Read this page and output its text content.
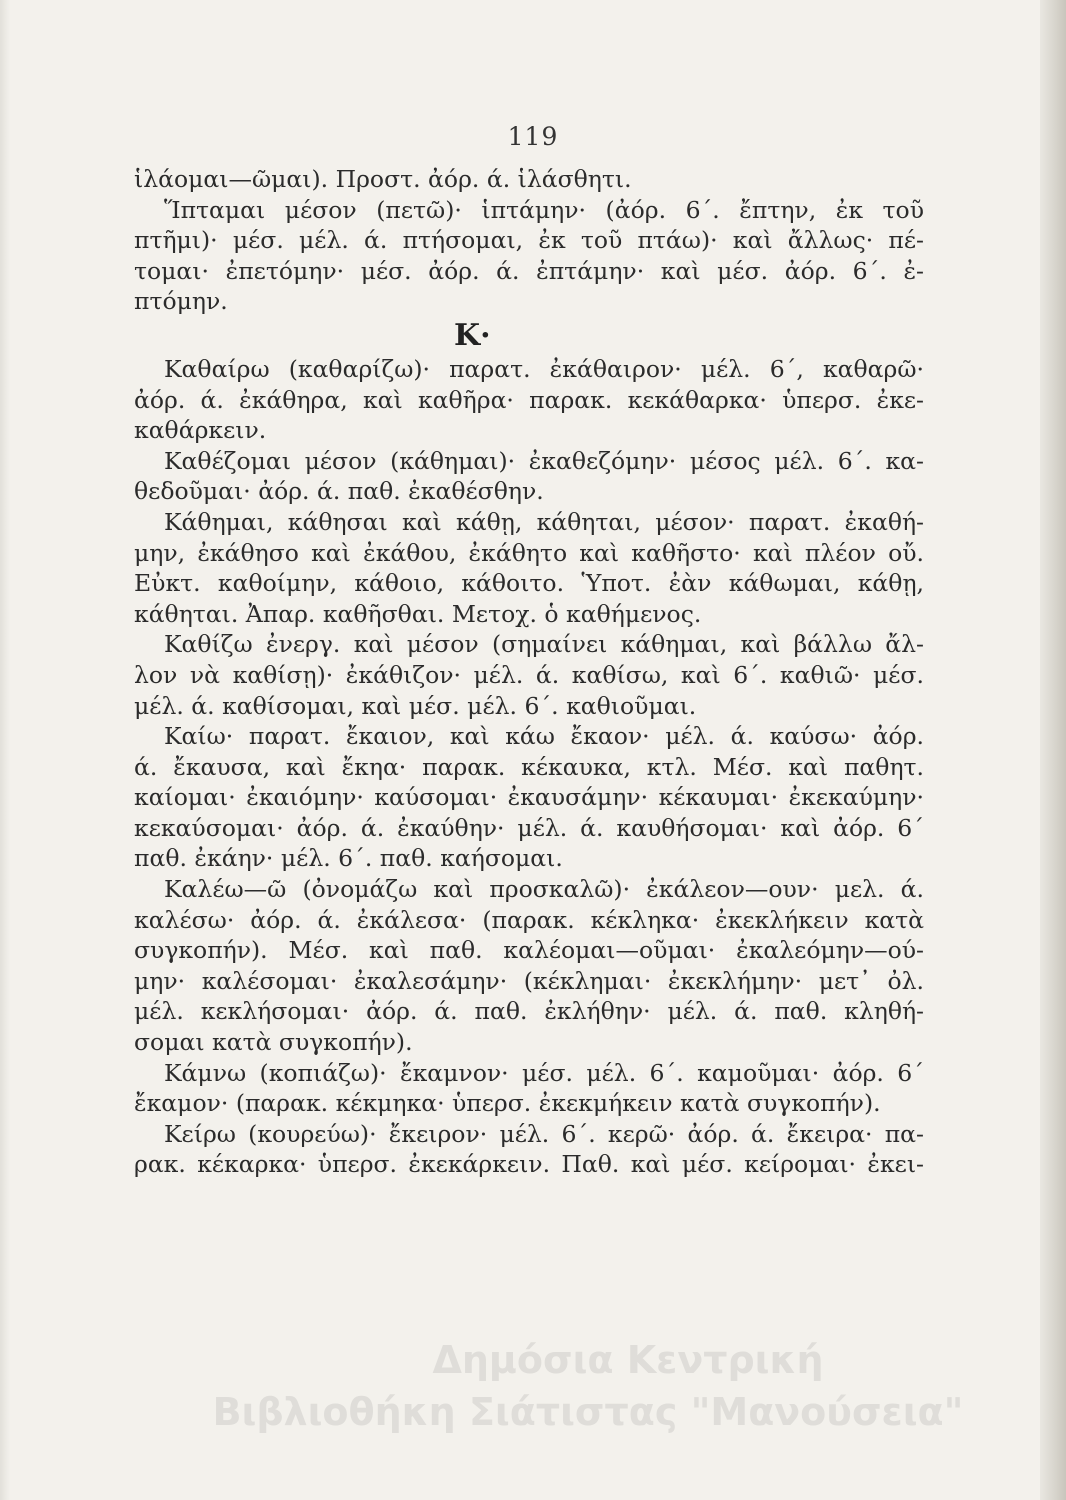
119
ἱλάομαι—ῶμαι). Προστ. ἀόρ. ά. ἱλάσθητι.
Ἵπταμαι μέσον (πετῶ)· ἱπτάμην· (ἀόρ. 6΄. ἔπτην, ἐκ τοῦ
πτῆμι)· μέσ. μέλ. ά. πτήσομαι, ἐκ τοῦ πτάω)· καὶ ἄλλως· πέ-
τομαι· ἐπετόμην· μέσ. ἀόρ. ά. ἐπτάμην· καὶ μέσ. ἀόρ. 6΄. ἐ-
πτόμην.
Κ·
Καθαίρω (καθαρίζω)· παρατ. ἐκάθαιρον· μέλ. 6΄, καθαρῶ·
ἀόρ. ά. ἐκάθηρα, καὶ καθῆρα· παρακ. κεκάθαρκα· ὑπερσ. ἐκε-
καθάρκειν.
Καθέζομαι μέσον (κάθημαι)· ἐκαθεζόμην· μέσος μέλ. 6΄. κα-
θεδοῦμαι· ἀόρ. ά. παθ. ἐκαθέσθην.
Κάθημαι, κάθησαι καὶ κάθῃ, κάθηται, μέσον· παρατ. ἐκαθή-
μην, ἐκάθησο καὶ ἐκάθου, ἐκάθητο καὶ καθῆστο· καὶ πλέον οὔ.
Εὐκτ. καθοίμην, κάθοιο, κάθοιτο. Ὑποτ. ἐὰν κάθωμαι, κάθῃ,
κάθηται. Ἀπαρ. καθῆσθαι. Μετοχ. ὁ καθήμενος.
Καθίζω ἐνεργ. καὶ μέσον (σημαίνει κάθημαι, καὶ βάλλω ἄλ-
λον νὰ καθίσῃ)· ἐκάθιζον· μέλ. ά. καθίσω, καὶ 6΄. καθιῶ· μέσ.
μέλ. ά. καθίσομαι, καὶ μέσ. μέλ. 6΄. καθιοῦμαι.
Καίω· παρατ. ἔκαιον, καὶ κάω ἔκαον· μέλ. ά. καύσω· ἀόρ.
ά. ἔκαυσα, καὶ ἔκηα· παρακ. κέκαυκα, κτλ. Μέσ. καὶ παθητ.
καίομαι· ἐκαιόμην· καύσομαι· ἐκαυσάμην· κέκαυμαι· ἐκεκαύμην·
κεκαύσομαι· ἀόρ. ά. ἐκαύθην· μέλ. ά. καυθήσομαι· καὶ ἀόρ. 6΄
παθ. ἐκάην· μέλ. 6΄. παθ. καήσομαι.
Καλέω—ῶ (ὀνομάζω καὶ προσκαλῶ)· ἐκάλεον—ουν· μελ. ά.
καλέσω· ἀόρ. ά. ἐκάλεσα· (παρακ. κέκληκα· ἐκεκλήκειν κατὰ
συγκοπήν). Μέσ. καὶ παθ. καλέομαι—οῦμαι· ἐκαλεόμην—ού-
μην· καλέσομαι· ἐκαλεσάμην· (κέκλημαι· ἐκεκλήμην· μετ᾽ ὀλ.
μέλ. κεκλήσομαι· ἀόρ. ά. παθ. ἐκλήθην· μέλ. ά. παθ. κληθή-
σομαι κατὰ συγκοπήν).
Κάμνω (κοπιάζω)· ἔκαμνον· μέσ. μέλ. 6΄. καμοῦμαι· ἀόρ. 6΄
ἔκαμον· (παρακ. κέκμηκα· ὑπερσ. ἐκεκμήκειν κατὰ συγκοπήν).
Κείρω (κουρεύω)· ἔκειρον· μέλ. 6΄. κερῶ· ἀόρ. ά. ἔκειρα· πα-
ρακ. κέκαρκα· ὑπερσ. ἐκεκάρκειν. Παθ. καὶ μέσ. κείρομαι· ἐκει-
Δημόσια Κεντρική
Βιβλιοθήκη Σιάτιστας "Μανούσεια"
